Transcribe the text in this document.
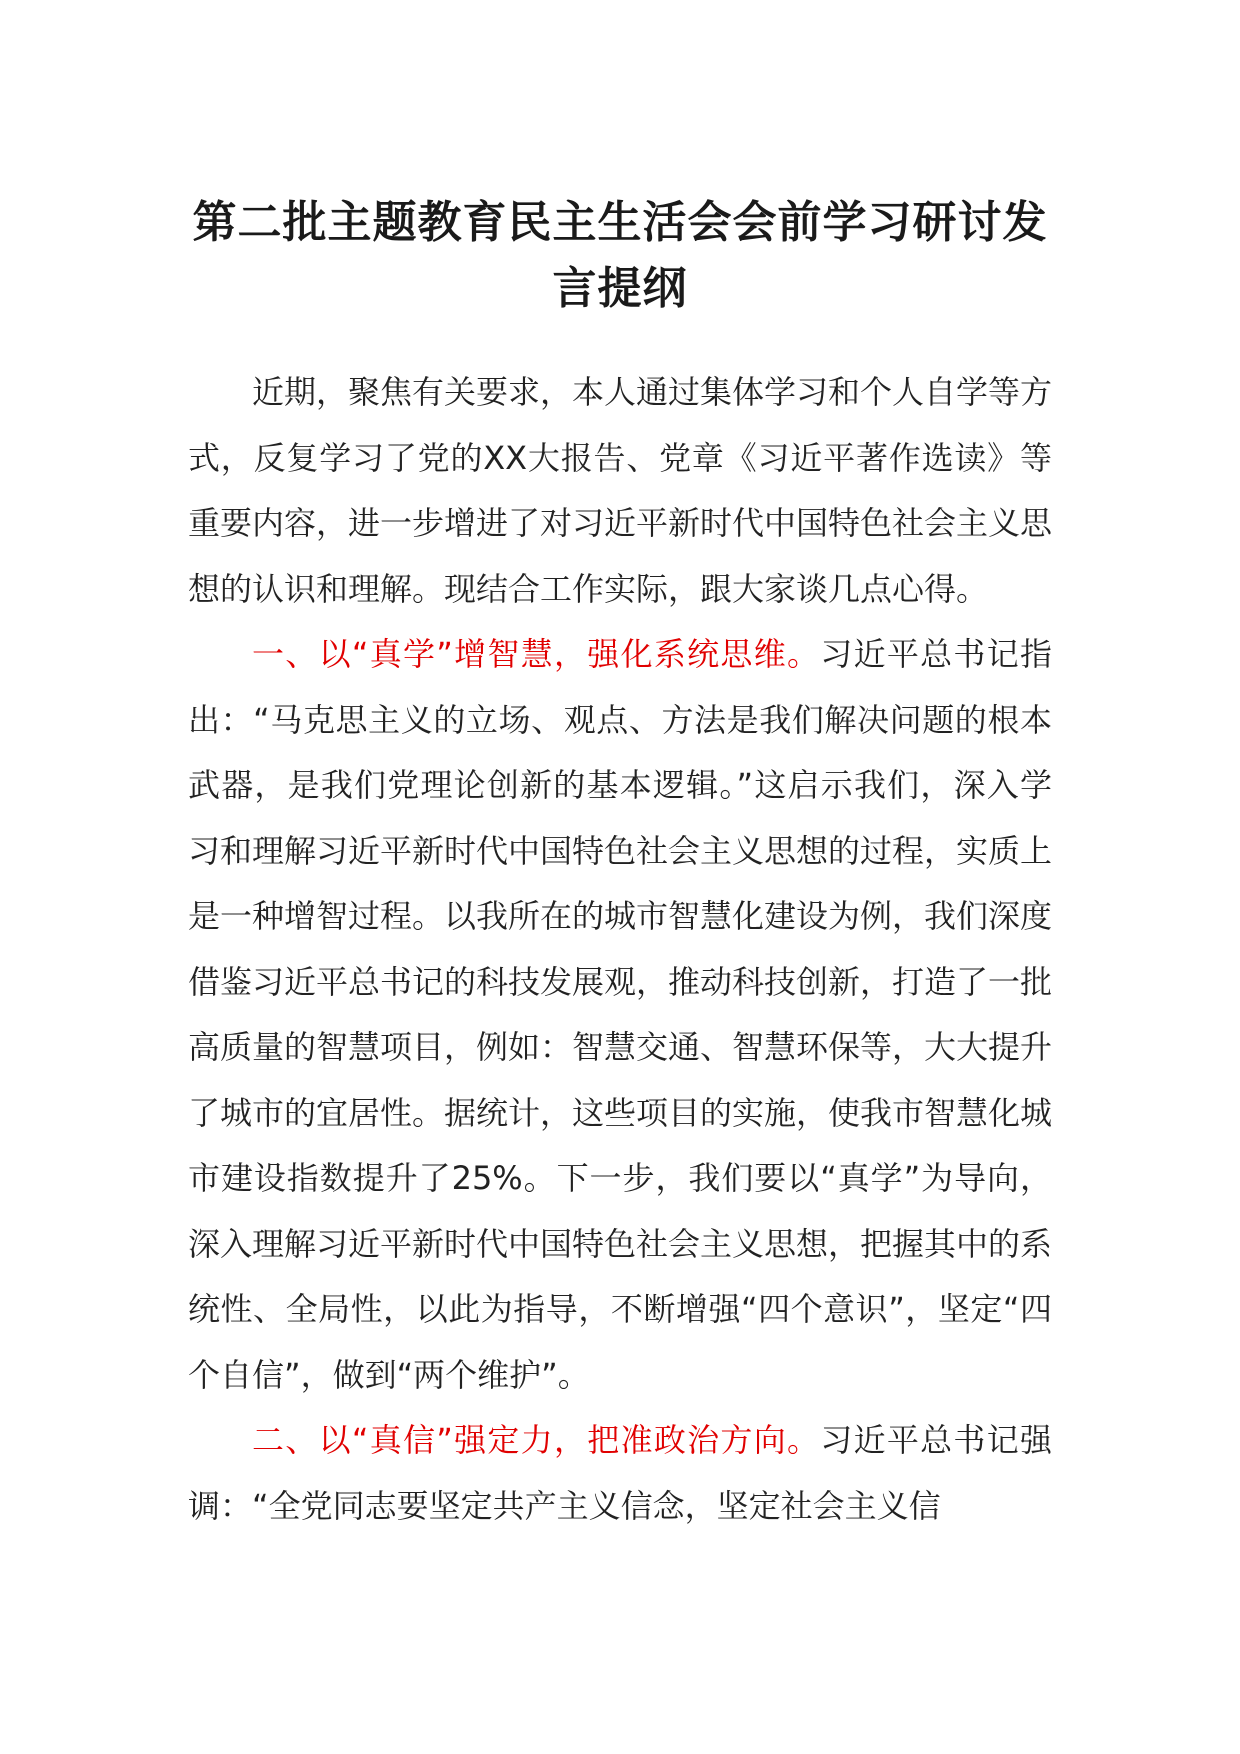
第二批主题教育民主生活会会前学习研讨发言提纲

近期，聚焦有关要求，本人通过集体学习和个人自学等方式，反复学习了党的XX大报告、党章《习近平著作选读》等重要内容，进一步增进了对习近平新时代中国特色社会主义思想的认识和理解。现结合工作实际，跟大家谈几点心得。

一、以“真学”增智慧，强化系统思维。习近平总书记指出：“马克思主义的立场、观点、方法是我们解决问题的根本武器，是我们党理论创新的基本逻辑。”这启示我们，深入学习和理解习近平新时代中国特色社会主义思想的过程，实质上是一种增智过程。以我所在的城市智慧化建设为例，我们深度借鉴习近平总书记的科技发展观，推动科技创新，打造了一批高质量的智慧项目，例如：智慧交通、智慧环保等，大大提升了城市的宜居性。据统计，这些项目的实施，使我市智慧化城市建设指数提升了25%。下一步，我们要以“真学”为导向，深入理解习近平新时代中国特色社会主义思想，把握其中的系统性、全局性，以此为指导，不断增强“四个意识”，坚定“四个自信”，做到“两个维护”。

二、以“真信”强定力，把准政治方向。习近平总书记强调：“全党同志要坚定共产主义信念，坚定社会主义信
